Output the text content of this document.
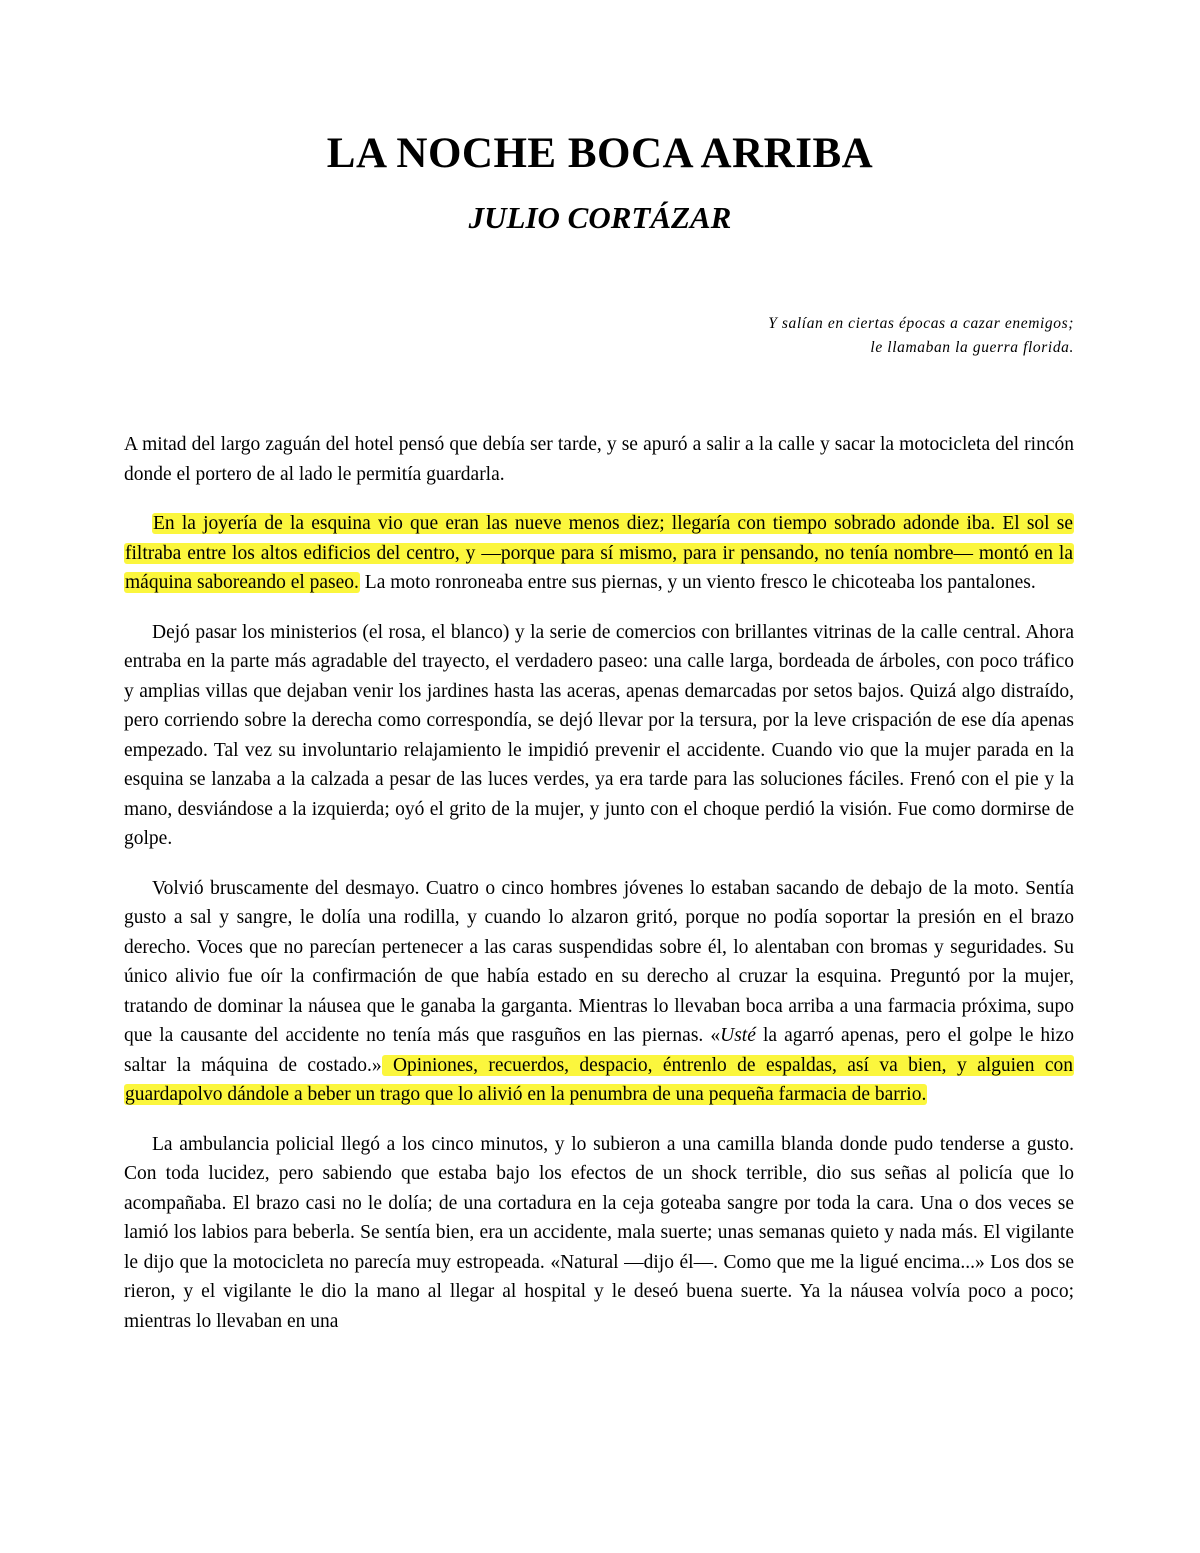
LA NOCHE BOCA ARRIBA
JULIO CORTÁZAR
Y salían en ciertas épocas a cazar enemigos;
le llamaban la guerra florida.

A mitad del largo zaguán del hotel pensó que debía ser tarde, y se apuró a salir a la calle y sacar la motocicleta del rincón donde el portero de al lado le permitía guardarla.

En la joyería de la esquina vio que eran las nueve menos diez; llegaría con tiempo sobrado adonde iba. El sol se filtraba entre los altos edificios del centro, y —porque para sí mismo, para ir pensando, no tenía nombre— montó en la máquina saboreando el paseo. La moto ronroneaba entre sus piernas, y un viento fresco le chicoteaba los pantalones.

Dejó pasar los ministerios (el rosa, el blanco) y la serie de comercios con brillantes vitrinas de la calle central. Ahora entraba en la parte más agradable del trayecto, el verdadero paseo: una calle larga, bordeada de árboles, con poco tráfico y amplias villas que dejaban venir los jardines hasta las aceras, apenas demarcadas por setos bajos. Quizá algo distraído, pero corriendo sobre la derecha como correspondía, se dejó llevar por la tersura, por la leve crispación de ese día apenas empezado. Tal vez su involuntario relajamiento le impidió prevenir el accidente. Cuando vio que la mujer parada en la esquina se lanzaba a la calzada a pesar de las luces verdes, ya era tarde para las soluciones fáciles. Frenó con el pie y la mano, desviándose a la izquierda; oyó el grito de la mujer, y junto con el choque perdió la visión. Fue como dormirse de golpe.

Volvió bruscamente del desmayo. Cuatro o cinco hombres jóvenes lo estaban sacando de debajo de la moto. Sentía gusto a sal y sangre, le dolía una rodilla, y cuando lo alzaron gritó, porque no podía soportar la presión en el brazo derecho. Voces que no parecían pertenecer a las caras suspendidas sobre él, lo alentaban con bromas y seguridades. Su único alivio fue oír la confirmación de que había estado en su derecho al cruzar la esquina. Preguntó por la mujer, tratando de dominar la náusea que le ganaba la garganta. Mientras lo llevaban boca arriba a una farmacia próxima, supo que la causante del accidente no tenía más que rasguños en las piernas. «Usté la agarró apenas, pero el golpe le hizo saltar la máquina de costado.» Opiniones, recuerdos, despacio, éntrenlo de espaldas, así va bien, y alguien con guardapolvo dándole a beber un trago que lo alivió en la penumbra de una pequeña farmacia de barrio.

La ambulancia policial llegó a los cinco minutos, y lo subieron a una camilla blanda donde pudo tenderse a gusto. Con toda lucidez, pero sabiendo que estaba bajo los efectos de un shock terrible, dio sus señas al policía que lo acompañaba. El brazo casi no le dolía; de una cortadura en la ceja goteaba sangre por toda la cara. Una o dos veces se lamió los labios para beberla. Se sentía bien, era un accidente, mala suerte; unas semanas quieto y nada más. El vigilante le dijo que la motocicleta no parecía muy estropeada. «Natural —dijo él—. Como que me la ligué encima...» Los dos se rieron, y el vigilante le dio la mano al llegar al hospital y le deseó buena suerte. Ya la náusea volvía poco a poco; mientras lo llevaban en una
